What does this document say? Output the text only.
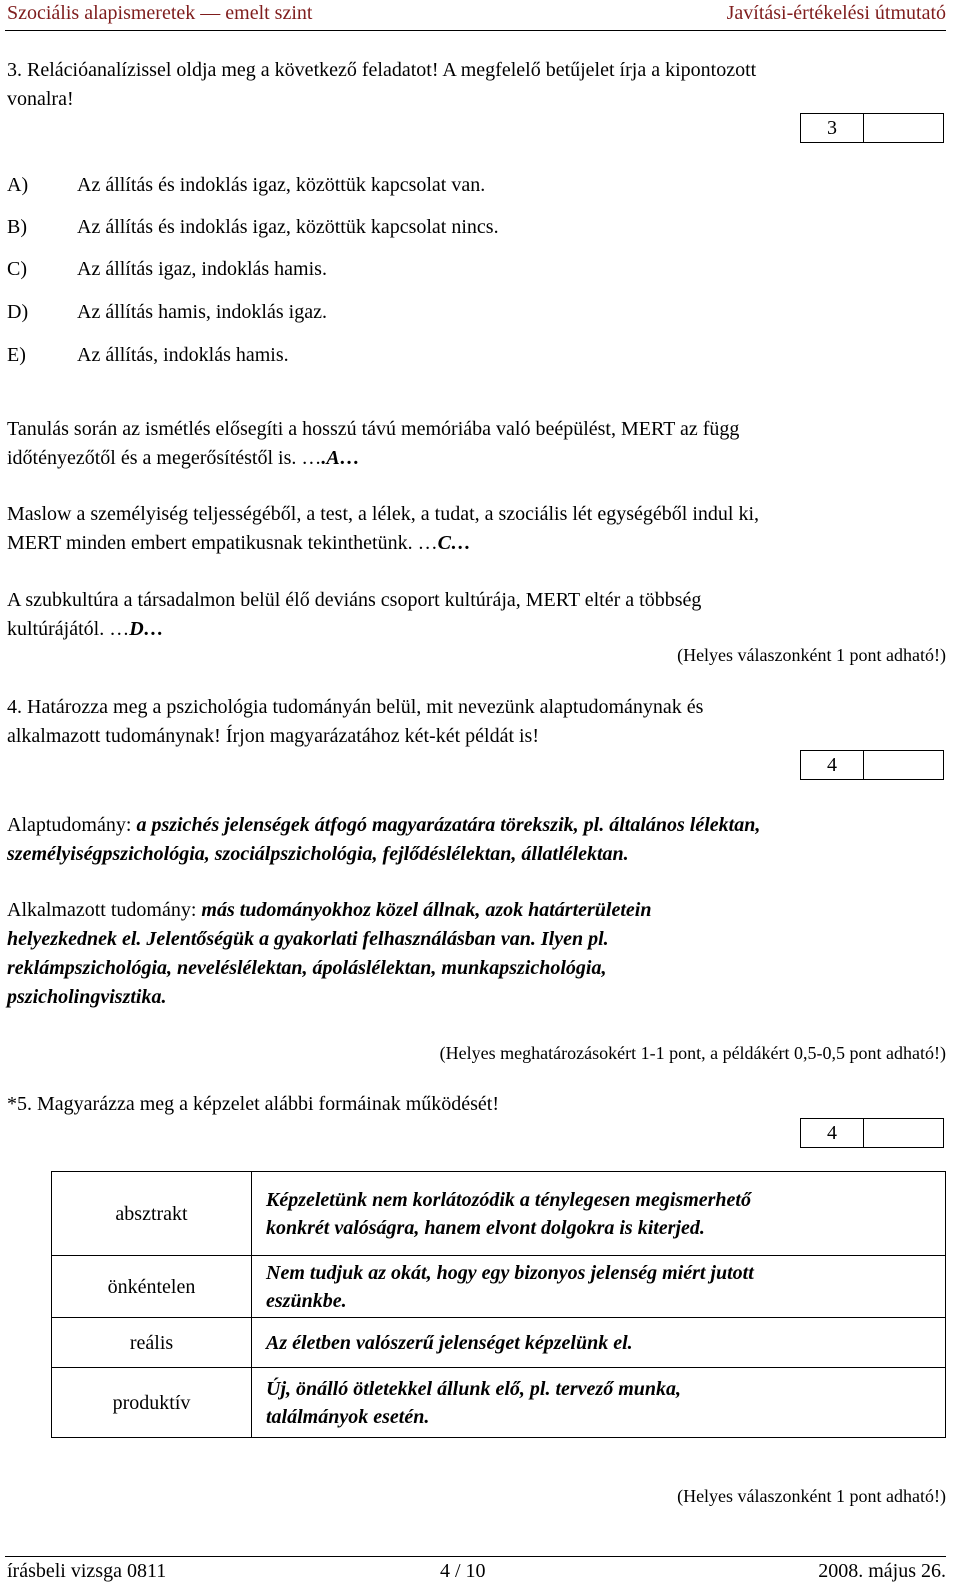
Szociális alapismeretek — emelt szint	Javítási-értékelési útmutató
3. Relációanalízissel oldja meg a következő feladatot! A megfelelő betűjelet írja a kipontozott
vonalra!
3
A) Az állítás és indoklás igaz, közöttük kapcsolat van.
B)	Az állítás és indoklás igaz, közöttük kapcsolat nincs.
C)	Az állítás igaz, indoklás hamis.
D) Az állítás hamis, indoklás igaz.
E)	Az állítás, indoklás hamis.
Tanulás során az ismétlés elősegíti a hosszú távú memóriába való beépülést, MERT az függ
időtényezőtől és a megerősítéstől is. ….A…
Maslow a személyiség teljességéből, a test, a lélek, a tudat, a szociális lét egységéből indul ki,
MERT minden embert empatikusnak tekinthetünk. …C…
A szubkultúra a társadalmon belül élő deviáns csoport kultúrája, MERT eltér a többség
kultúrájától. …D…
(Helyes válaszonként 1 pont adható!)
4. Határozza meg a pszichológia tudományán belül, mit nevezünk alaptudománynak és
alkalmazott tudománynak! Írjon magyarázatához két-két példát is!
4
Alaptudomány: a pszichés jelenségek átfogó magyarázatára törekszik, pl. általános lélektan,
személyiségpszichológia, szociálpszichológia, fejlődéslélektan, állatlélektan.
Alkalmazott tudomány: más tudományokhoz közel állnak, azok határterületein
helyezkednek el. Jelentőségük a gyakorlati felhasználásban van. Ilyen pl.
reklámpszichológia, neveléslélektan, ápoláslélektan, munkapszichológia,
pszicholingvisztika.
(Helyes meghatározásokért 1-1 pont, a példákért 0,5-0,5 pont adható!)
*5. Magyarázza meg a képzelet alábbi formáinak működését!
4
absztrakt	Képzeletünk nem korlátozódik a ténylegesen megismerhető
konkrét valóságra, hanem elvont dolgokra is kiterjed.

önkéntelen	Nem tudjuk az okát, hogy egy bizonyos jelenség miért jutott
eszünkbe.

reális	Az életben valószerű jelenséget képzelünk el.

produktív	Új, önálló ötletekkel állunk elő, pl. tervező munka,
találmányok esetén.
(Helyes válaszonként 1 pont adható!)
írásbeli vizsga 0811	4 / 10	2008. május 26.
